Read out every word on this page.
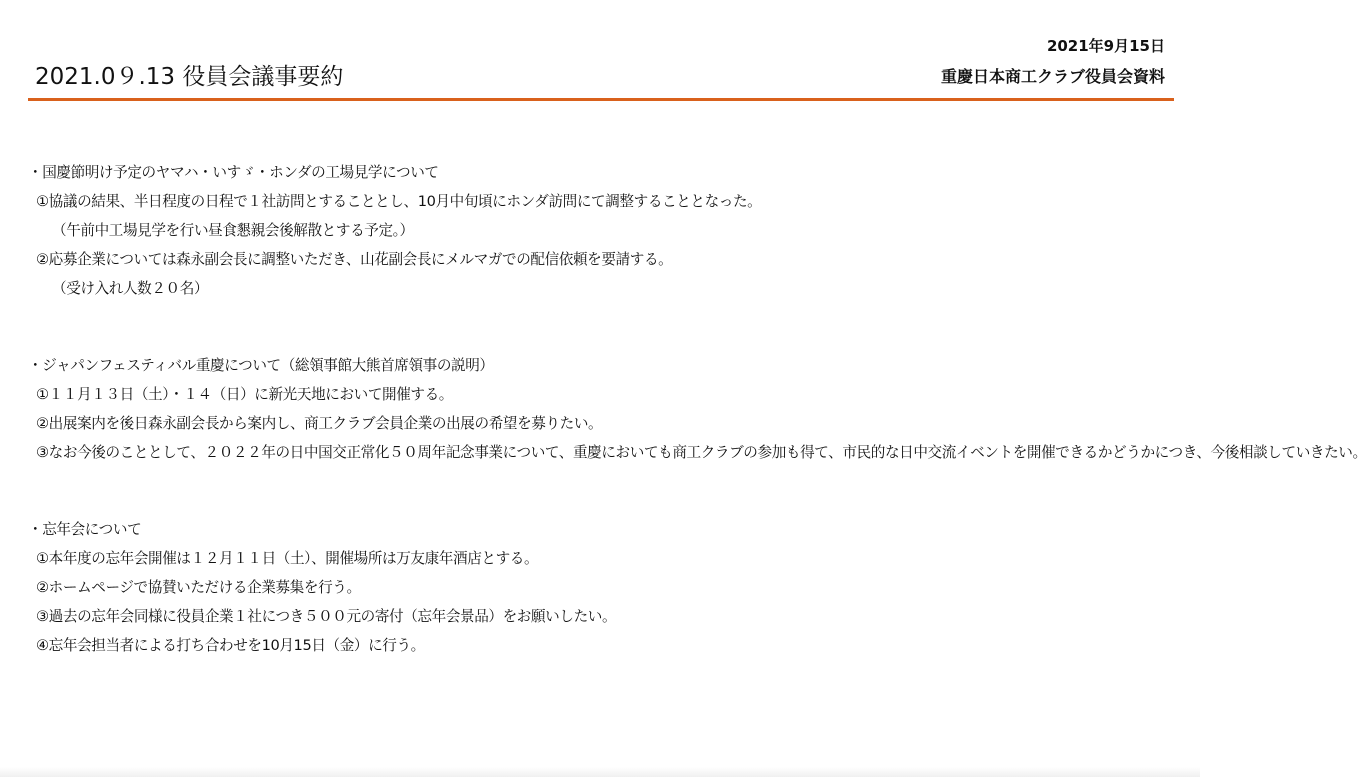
2021.0９.13 役員会議事要約
2021年9月15日
重慶日本商工クラブ役員会資料
・国慶節明け予定のヤマハ・いすゞ・ホンダの工場見学について
①協議の結果、半日程度の日程で１社訪問とすることとし、10月中旬頃にホンダ訪問にて調整することとなった。
（午前中工場見学を行い昼食懇親会後解散とする予定。）
②応募企業については森永副会長に調整いただき、山花副会長にメルマガでの配信依頼を要請する。
（受け入れ人数２０名）
・ジャパンフェスティバル重慶について（総領事館大熊首席領事の説明）
①１１月１３日（土）・１４（日）に新光天地において開催する。
②出展案内を後日森永副会長から案内し、商工クラブ会員企業の出展の希望を募りたい。
③なお今後のこととして、２０２２年の日中国交正常化５０周年記念事業について、重慶においても商工クラブの参加も得て、市民的な日中交流イベントを開催できるかどうかにつき、今後相談していきたい。
・忘年会について
①本年度の忘年会開催は１２月１１日（土）、開催場所は万友康年酒店とする。
②ホームページで協賛いただける企業募集を行う。
③過去の忘年会同様に役員企業１社につき５００元の寄付（忘年会景品）をお願いしたい。
④忘年会担当者による打ち合わせを10月15日（金）に行う。
